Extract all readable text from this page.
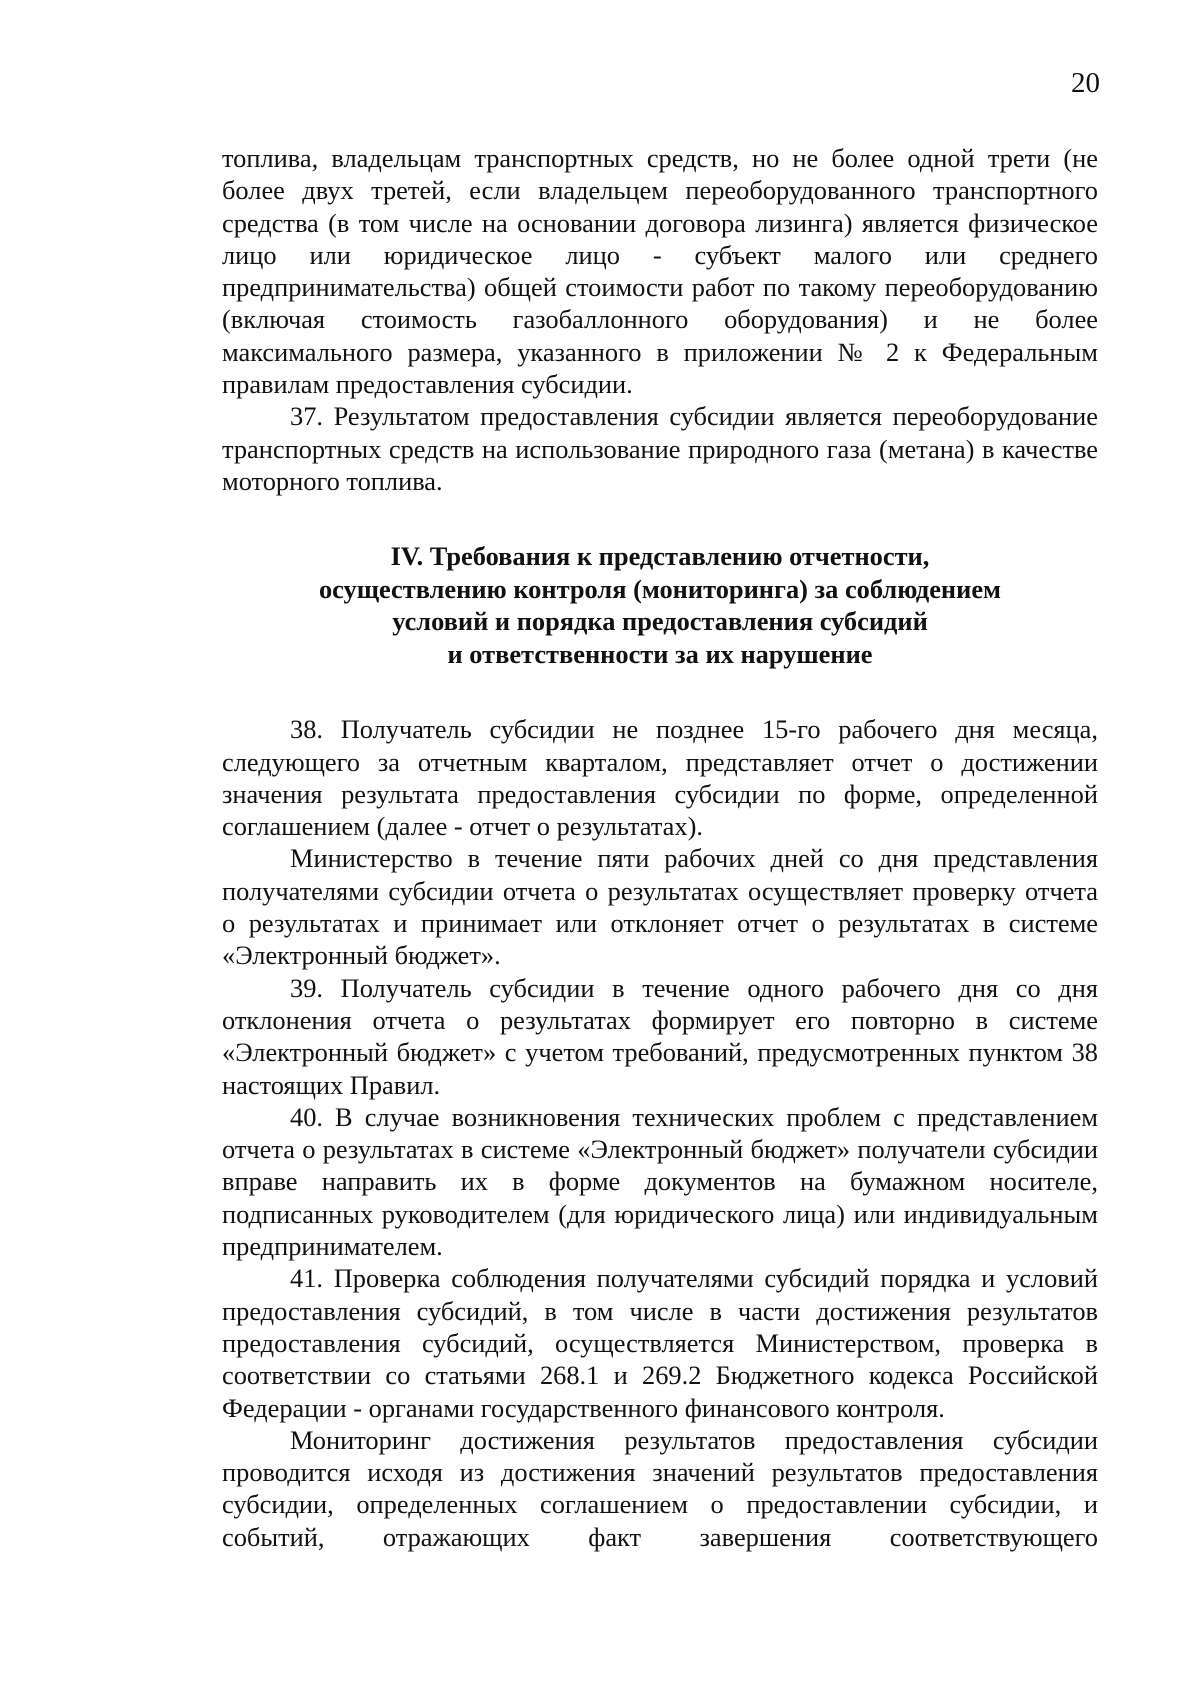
20

топлива, владельцам транспортных средств, но не более одной трети (не более двух третей, если владельцем переоборудованного транспортного средства (в том числе на основании договора лизинга) является физическое лицо или юридическое лицо - субъект малого или среднего предпринимательства) общей стоимости работ по такому переоборудованию (включая стоимость газобаллонного оборудования) и не более максимального размера, указанного в приложении № 2 к Федеральным правилам предоставления субсидии.

37. Результатом предоставления субсидии является переоборудование транспортных средств на использование природного газа (метана) в качестве моторного топлива.

IV. Требования к представлению отчетности,
осуществлению контроля (мониторинга) за соблюдением
условий и порядка предоставления субсидий
и ответственности за их нарушение

38. Получатель субсидии не позднее 15-го рабочего дня месяца, следующего за отчетным кварталом, представляет отчет о достижении значения результата предоставления субсидии по форме, определенной соглашением (далее - отчет о результатах).

Министерство в течение пяти рабочих дней со дня представления получателями субсидии отчета о результатах осуществляет проверку отчета о результатах и принимает или отклоняет отчет о результатах в системе «Электронный бюджет».

39. Получатель субсидии в течение одного рабочего дня со дня отклонения отчета о результатах формирует его повторно в системе «Электронный бюджет» с учетом требований, предусмотренных пунктом 38 настоящих Правил.

40. В случае возникновения технических проблем с представлением отчета о результатах в системе «Электронный бюджет» получатели субсидии вправе направить их в форме документов на бумажном носителе, подписанных руководителем (для юридического лица) или индивидуальным предпринимателем.

41. Проверка соблюдения получателями субсидий порядка и условий предоставления субсидий, в том числе в части достижения результатов предоставления субсидий, осуществляется Министерством, проверка в соответствии со статьями 268.1 и 269.2 Бюджетного кодекса Российской Федерации - органами государственного финансового контроля.

Мониторинг достижения результатов предоставления субсидии проводится исходя из достижения значений результатов предоставления субсидии, определенных соглашением о предоставлении субсидии, и событий, отражающих факт завершения соответствующего
